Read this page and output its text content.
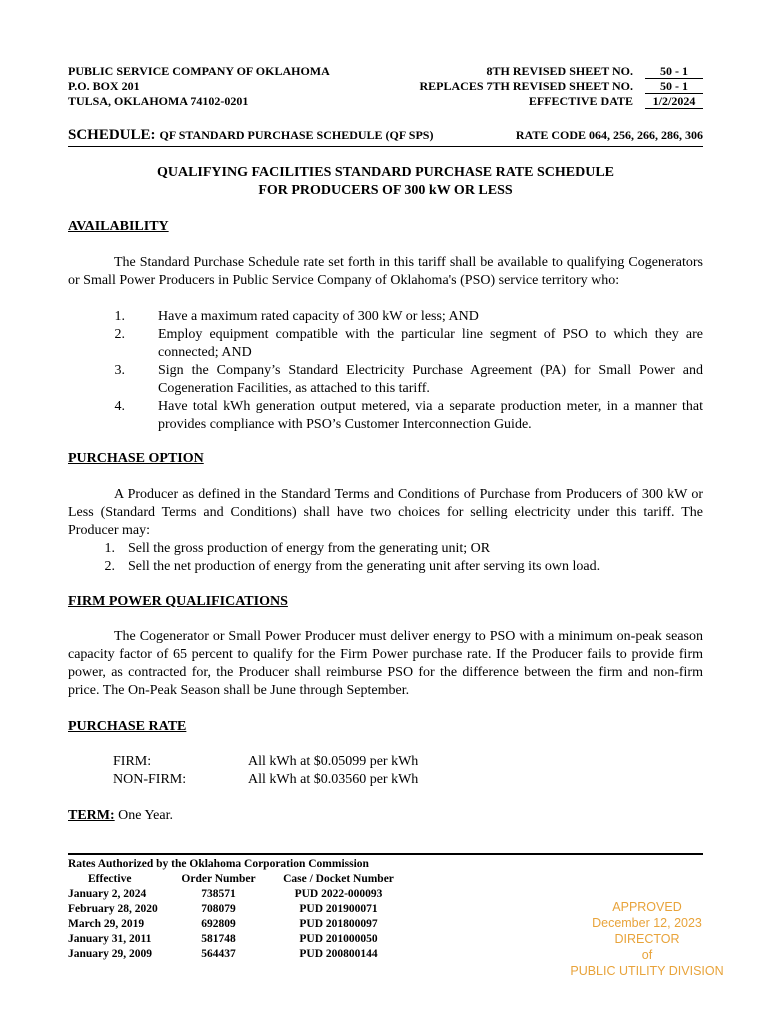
PUBLIC SERVICE COMPANY OF OKLAHOMA
P.O. BOX 201
TULSA, OKLAHOMA 74102-0201
8TH REVISED SHEET NO.	50 - 1
REPLACES 7TH REVISED SHEET NO.	50 - 1
EFFECTIVE DATE	1/2/2024
SCHEDULE: QF STANDARD PURCHASE SCHEDULE (QF SPS)	RATE CODE 064, 256, 266, 286, 306
QUALIFYING FACILITIES STANDARD PURCHASE RATE SCHEDULE
FOR PRODUCERS OF 300 kW OR LESS
AVAILABILITY
The Standard Purchase Schedule rate set forth in this tariff shall be available to qualifying Cogenerators or Small Power Producers in Public Service Company of Oklahoma's (PSO) service territory who:
1.	Have a maximum rated capacity of 300 kW or less; AND
2.	Employ equipment compatible with the particular line segment of PSO to which they are connected; AND
3.	Sign the Company’s Standard Electricity Purchase Agreement (PA) for Small Power and Cogeneration Facilities, as attached to this tariff.
4.	Have total kWh generation output metered, via a separate production meter, in a manner that provides compliance with PSO’s Customer Interconnection Guide.
PURCHASE OPTION
A Producer as defined in the Standard Terms and Conditions of Purchase from Producers of 300 kW or Less (Standard Terms and Conditions) shall have two choices for selling electricity under this tariff. The Producer may:
1. Sell the gross production of energy from the generating unit; OR
2. Sell the net production of energy from the generating unit after serving its own load.
FIRM POWER QUALIFICATIONS
The Cogenerator or Small Power Producer must deliver energy to PSO with a minimum on-peak season capacity factor of 65 percent to qualify for the Firm Power purchase rate. If the Producer fails to provide firm power, as contracted for, the Producer shall reimburse PSO for the difference between the firm and non-firm price. The On-Peak Season shall be June through September.
PURCHASE RATE
FIRM:	All kWh at $0.05099 per kWh
NON-FIRM:	All kWh at $0.03560 per kWh
TERM: One Year.
Rates Authorized by the Oklahoma Corporation Commission
Effective	Order Number	Case / Docket Number
January 2, 2024	738571	PUD 2022-000093
February 28, 2020	708079	PUD 201900071
March 29, 2019	692809	PUD 201800097
January 31, 2011	581748	PUD 201000050
January 29, 2009	564437	PUD 200800144
APPROVED
December 12, 2023
DIRECTOR
of
PUBLIC UTILITY DIVISION
